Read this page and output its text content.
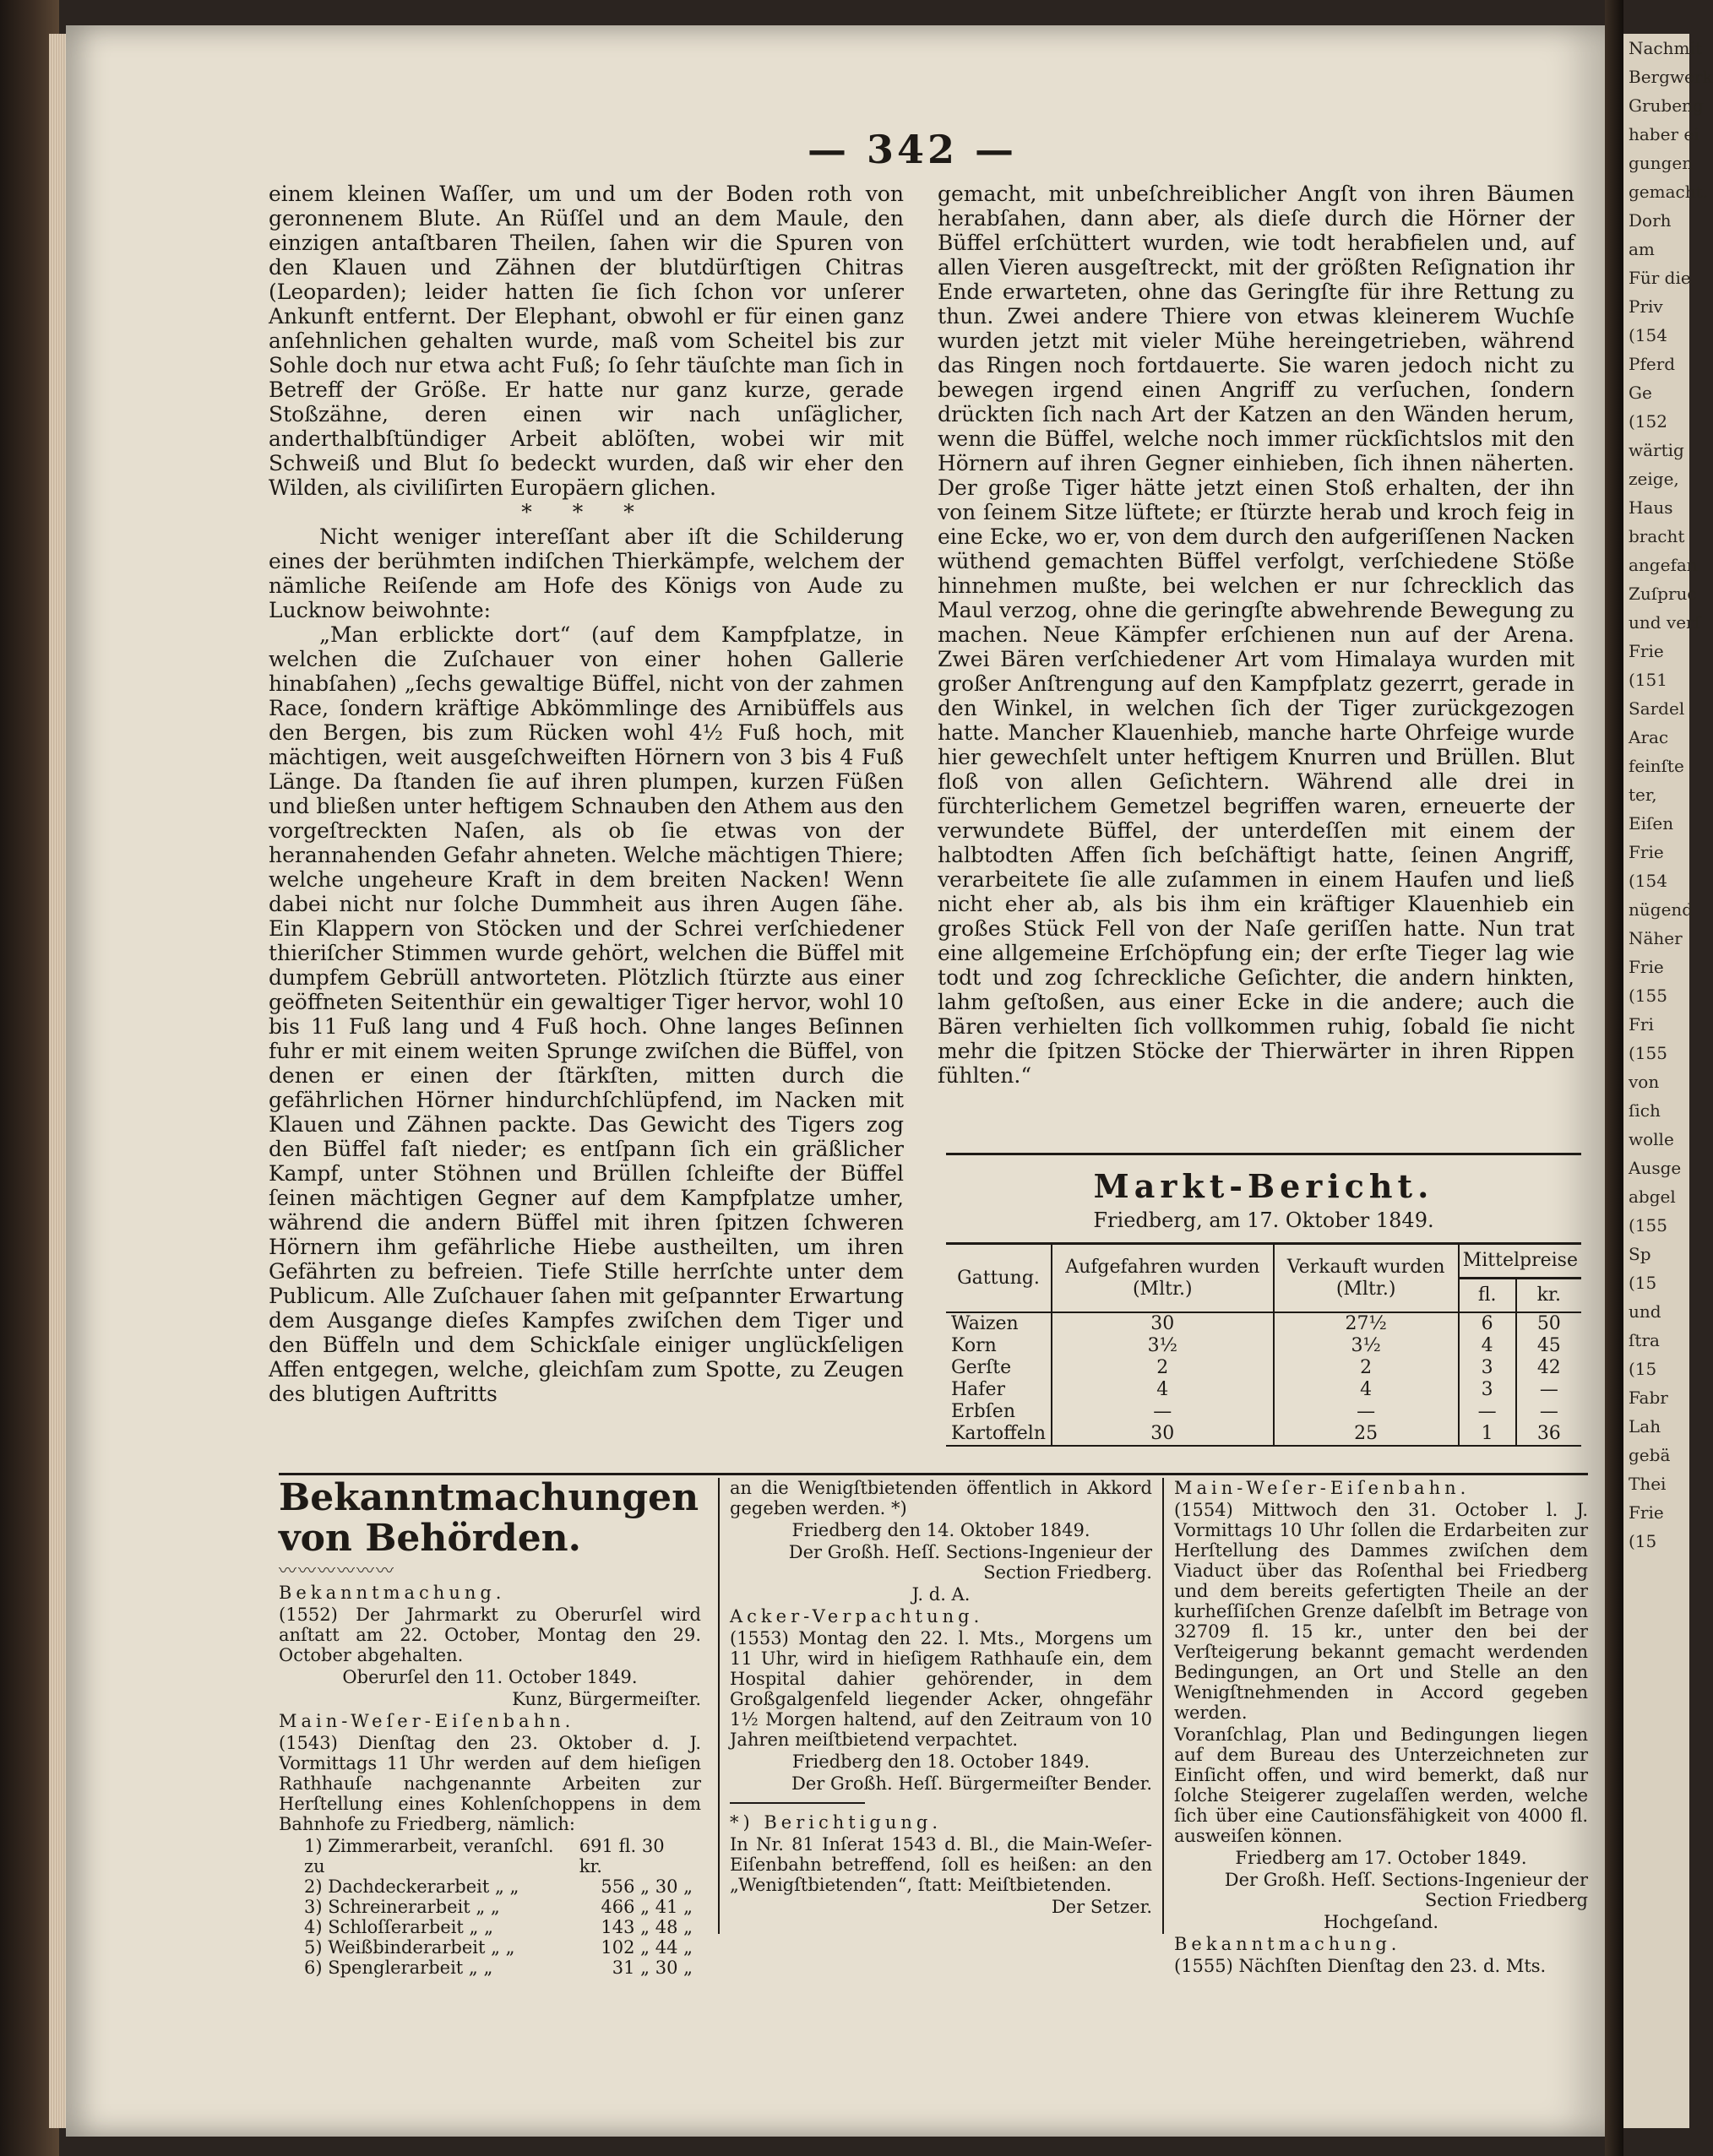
— 342 —

einem kleinen Waſſer, um und um der Boden roth von geronnenem Blute. An Rüſſel und an dem Maule, den einzigen antaſtbaren Theilen, ſahen wir die Spuren von den Klauen und Zähnen der blutdürſtigen Chitras (Leoparden); leider hatten ſie ſich ſchon vor unſerer Ankunft entfernt. Der Elephant, obwohl er für einen ganz anſehnlichen gehalten wurde, maß vom Scheitel bis zur Sohle doch nur etwa acht Fuß; ſo ſehr täuſchte man ſich in Betreff der Größe. Er hatte nur ganz kurze, gerade Stoßzähne, deren einen wir nach unſäglicher, anderthalbſtündiger Arbeit ablöſten, wobei wir mit Schweiß und Blut ſo bedeckt wurden, daß wir eher den Wilden, als civiliſirten Europäern glichen.

* * *

Nicht weniger intereſſant aber iſt die Schilderung eines der berühmten indiſchen Thierkämpfe, welchem der nämliche Reiſende am Hofe des Königs von Aude zu Lucknow beiwohnte:

„Man erblickte dort“ (auf dem Kampfplatze, in welchen die Zuſchauer von einer hohen Gallerie hinabſahen) „ſechs gewaltige Büffel, nicht von der zahmen Race, ſondern kräftige Abkömmlinge des Arnibüffels aus den Bergen, bis zum Rücken wohl 4½ Fuß hoch, mit mächtigen, weit ausgeſchweiften Hörnern von 3 bis 4 Fuß Länge. Da ſtanden ſie auf ihren plumpen, kurzen Füßen und bließen unter heftigem Schnauben den Athem aus den vorgeſtreckten Naſen, als ob ſie etwas von der herannahenden Gefahr ahneten. Welche mächtigen Thiere; welche ungeheure Kraft in dem breiten Nacken! Wenn dabei nicht nur ſolche Dummheit aus ihren Augen ſähe. Ein Klappern von Stöcken und der Schrei verſchiedener thieriſcher Stimmen wurde gehört, welchen die Büffel mit dumpfem Gebrüll antworteten. Plötzlich ſtürzte aus einer geöffneten Seitenthür ein gewaltiger Tiger hervor, wohl 10 bis 11 Fuß lang und 4 Fuß hoch. Ohne langes Beſinnen fuhr er mit einem weiten Sprunge zwiſchen die Büffel, von denen er einen der ſtärkſten, mitten durch die gefährlichen Hörner hindurchſchlüpfend, im Nacken mit Klauen und Zähnen packte. Das Gewicht des Tigers zog den Büffel faſt nieder; es entſpann ſich ein gräßlicher Kampf, unter Stöhnen und Brüllen ſchleifte der Büffel ſeinen mächtigen Gegner auf dem Kampfplatze umher, während die andern Büffel mit ihren ſpitzen ſchweren Hörnern ihm gefährliche Hiebe austheilten, um ihren Gefährten zu befreien. Tiefe Stille herrſchte unter dem Publicum. Alle Zuſchauer ſahen mit geſpannter Erwartung dem Ausgange dieſes Kampfes zwiſchen dem Tiger und den Büffeln und dem Schickſale einiger unglückſeligen Affen entgegen, welche, gleichſam zum Spotte, zu Zeugen des blutigen Auftritts

gemacht, mit unbeſchreiblicher Angſt von ihren Bäumen herabſahen, dann aber, als dieſe durch die Hörner der Büffel erſchüttert wurden, wie todt herabfielen und, auf allen Vieren ausgeſtreckt, mit der größten Reſignation ihr Ende erwarteten, ohne das Geringſte für ihre Rettung zu thun. Zwei andere Thiere von etwas kleinerem Wuchſe wurden jetzt mit vieler Mühe hereingetrieben, während das Ringen noch fortdauerte. Sie waren jedoch nicht zu bewegen irgend einen Angriff zu verſuchen, ſondern drückten ſich nach Art der Katzen an den Wänden herum, wenn die Büffel, welche noch immer rückſichtslos mit den Hörnern auf ihren Gegner einhieben, ſich ihnen näherten. Der große Tiger hätte jetzt einen Stoß erhalten, der ihn von ſeinem Sitze lüftete; er ſtürzte herab und kroch feig in eine Ecke, wo er, von dem durch den aufgeriſſenen Nacken wüthend gemachten Büffel verfolgt, verſchiedene Stöße hinnehmen mußte, bei welchen er nur ſchrecklich das Maul verzog, ohne die geringſte abwehrende Bewegung zu machen. Neue Kämpfer erſchienen nun auf der Arena. Zwei Bären verſchiedener Art vom Himalaya wurden mit großer Anſtrengung auf den Kampfplatz gezerrt, gerade in den Winkel, in welchen ſich der Tiger zurückgezogen hatte. Mancher Klauenhieb, manche harte Ohrfeige wurde hier gewechſelt unter heftigem Knurren und Brüllen. Blut floß von allen Geſichtern. Während alle drei in fürchterlichem Gemetzel begriffen waren, erneuerte der verwundete Büffel, der unterdeſſen mit einem der halbtodten Affen ſich beſchäftigt hatte, ſeinen Angriff, verarbeitete ſie alle zuſammen in einem Haufen und ließ nicht eher ab, als bis ihm ein kräftiger Klauenhieb ein großes Stück Fell von der Naſe geriſſen hatte. Nun trat eine allgemeine Erſchöpfung ein; der erſte Tieger lag wie todt und zog ſchreckliche Geſichter, die andern hinkten, lahm geſtoßen, aus einer Ecke in die andere; auch die Bären verhielten ſich vollkommen ruhig, ſobald ſie nicht mehr die ſpitzen Stöcke der Thierwärter in ihren Rippen fühlten.“

Markt-Bericht.
Friedberg, am 17. Oktober 1849.
Gattung.	Aufgefahren wurden (Mltr.)	Verkauft wurden (Mltr.)	Mittelpreise	
			fl.	kr.
Waizen	30	27½	6	50
Korn	3½	3½	4	45
Gerſte	2	2	3	42
Hafer	4	4	3	—
Erbſen	—	—	—	—
Kartoffeln	30	25	1	36

Bekanntmachungen von Behörden.

〰〰〰〰〰〰

Bekanntmachung.

(1552) Der Jahrmarkt zu Oberurſel wird anſtatt am 22. October, Montag den 29. October abgehalten.

Oberurſel den 11. October 1849.

Kunz, Bürgermeiſter.

Main-Weſer-Eiſenbahn.

(1543) Dienſtag den 23. Oktober d. J. Vormittags 11 Uhr werden auf dem hieſigen Rathhauſe nachgenannte Arbeiten zur Herſtellung eines Kohlenſchoppens in dem Bahnhofe zu Friedberg, nämlich:

1) Zimmerarbeit, veranſchl. zu
691 fl. 30 kr.
2) Dachdeckerarbeit „ „	556 „ 30 „
3) Schreinerarbeit „ „	466 „ 41 „
4) Schloſſerarbeit „ „	143 „ 48 „
5) Weißbinderarbeit „ „	102 „ 44 „
6) Spenglerarbeit „ „	31 „ 30 „

an die Wenigſtbietenden öffentlich in Akkord gegeben werden. *)

Friedberg den 14. Oktober 1849.

Der Großh. Heſſ. Sections-Ingenieur der Section Friedberg.

J. d. A.

Acker-Verpachtung.

(1553) Montag den 22. l. Mts., Morgens um 11 Uhr, wird in hieſigem Rathhauſe ein, dem Hospital dahier gehörender, in dem Großgalgenfeld liegender Acker, ohngefähr 1½ Morgen haltend, auf den Zeitraum von 10 Jahren meiſtbietend verpachtet.

Friedberg den 18. October 1849.

Der Großh. Heſſ. Bürgermeiſter Bender.

*) Berichtigung.

In Nr. 81 Inſerat 1543 d. Bl., die Main-Weſer-Eiſenbahn betreffend, ſoll es heißen: an den „Wenigſtbietenden“, ſtatt: Meiſtbietenden.

Der Setzer.

Main-Weſer-Eiſenbahn.

(1554) Mittwoch den 31. October l. J. Vormittags 10 Uhr ſollen die Erdarbeiten zur Herſtellung des Dammes zwiſchen dem Viaduct über das Roſenthal bei Friedberg und dem bereits gefertigten Theile an der kurheſſiſchen Grenze daſelbſt im Betrage von 32709 fl. 15 kr., unter den bei der Verſteigerung bekannt gemacht werdenden Bedingungen, an Ort und Stelle an den Wenigſtnehmenden in Accord gegeben werden.

Voranſchlag, Plan und Bedingungen liegen auf dem Bureau des Unterzeichneten zur Einſicht offen, und wird bemerkt, daß nur ſolche Steigerer zugelaſſen werden, welche ſich über eine Cautionsfähigkeit von 4000 fl. ausweiſen können.

Friedberg am 17. October 1849.

Der Großh. Heſſ. Sections-Ingenieur der Section Friedberg

Hochgeſand.

Bekanntmachung.

(1555) Nächſten Dienſtag den 23. d. Mts.

Nachmit
Bergwerk
Grubeng
haber ei
gungen
gemacht.
Dorh
am
Für die
Priv
(154
Pferd
Ge
(152
wärtig
zeige,
Haus
bracht
angefan
Zuſpruc
und verſ
Frie
(151
Sardel
Arac
feinſte
ter,
Eiſen
Frie
(154
nügend
Näher
Frie
(155
Fri
(155
von
ſich
wolle
Ausge
abgel
(155
Sp
(15
und
ſtra
(15
Fabr
Lah
gebä
Thei
Frie
(15
